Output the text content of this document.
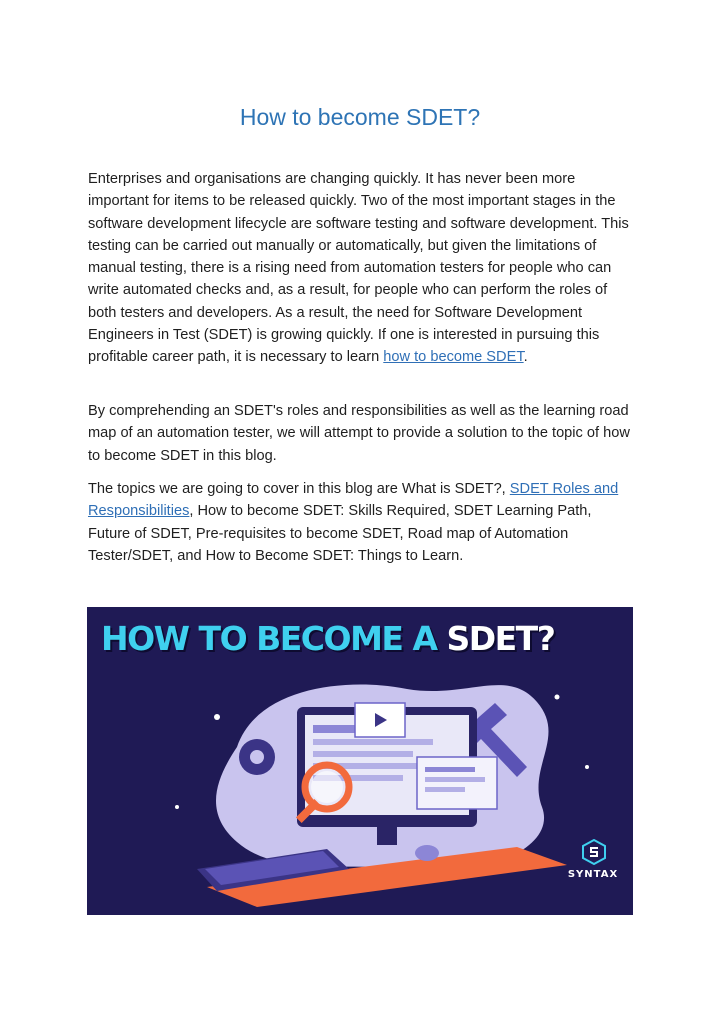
How to become SDET?
Enterprises and organisations are changing quickly. It has never been more important for items to be released quickly. Two of the most important stages in the software development lifecycle are software testing and software development. This testing can be carried out manually or automatically, but given the limitations of manual testing, there is a rising need from automation testers for people who can write automated checks and, as a result, for people who can perform the roles of both testers and developers. As a result, the need for Software Development Engineers in Test (SDET) is growing quickly. If one is interested in pursuing this profitable career path, it is necessary to learn how to become SDET.
By comprehending an SDET's roles and responsibilities as well as the learning road map of an automation tester, we will attempt to provide a solution to the topic of how to become SDET in this blog.
The topics we are going to cover in this blog are What is SDET?, SDET Roles and Responsibilities, How to become SDET: Skills Required, SDET Learning Path, Future of SDET, Pre-requisites to become SDET, Road map of Automation Tester/SDET, and How to Become SDET: Things to Learn.
HOW TO BECOME A SDET?
SYNTAX
